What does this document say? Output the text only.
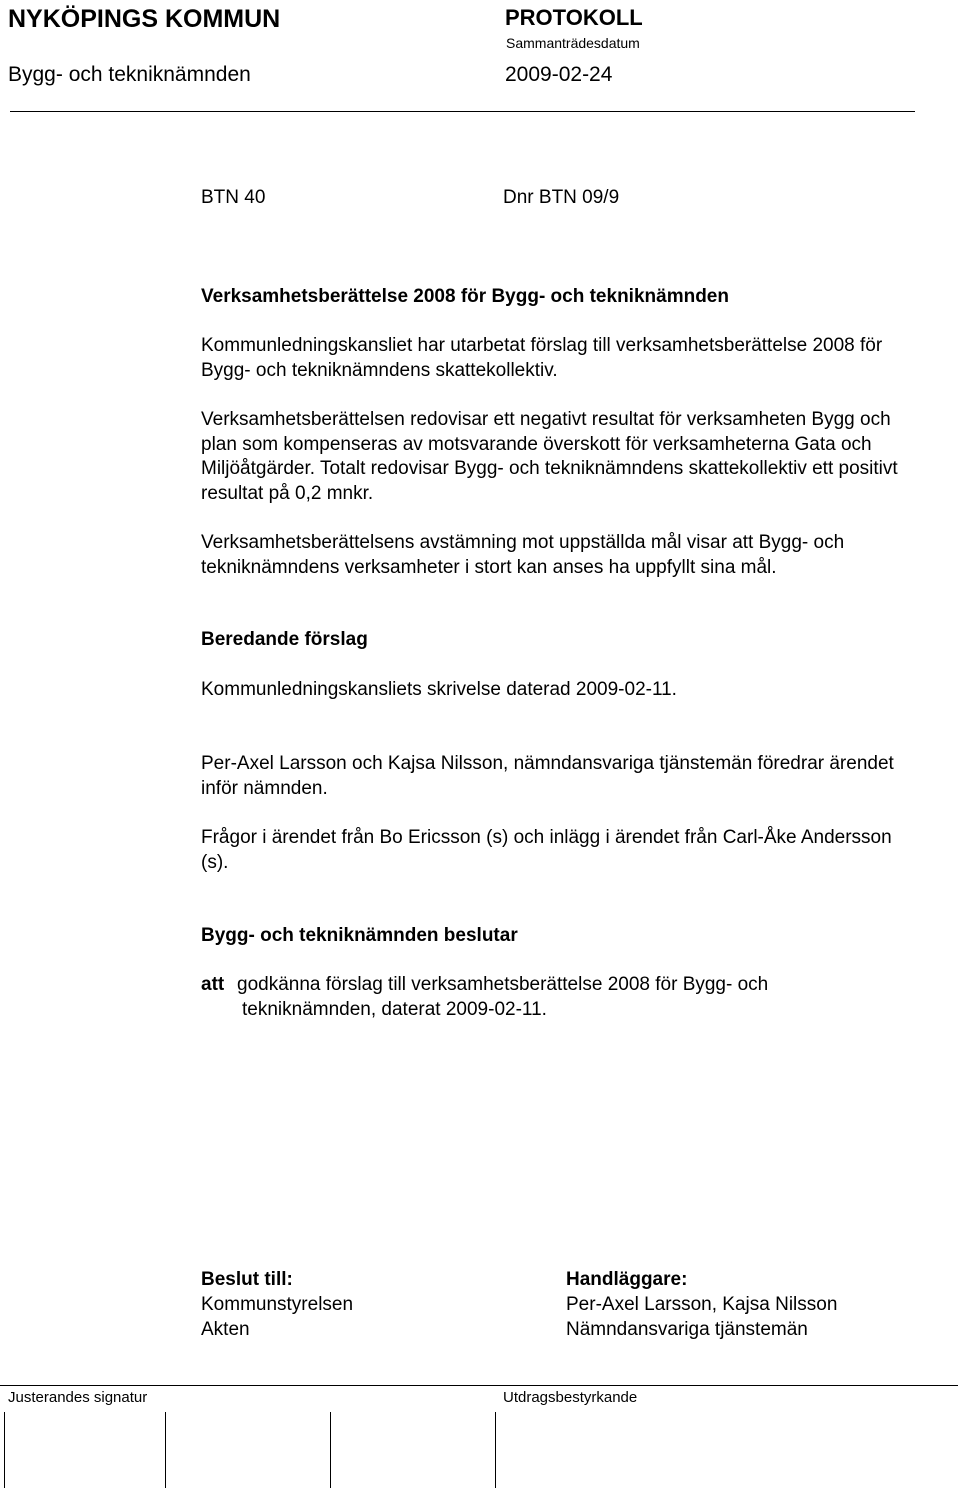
NYKÖPINGS KOMMUN	PROTOKOLL
Sammanträdesdatum
Bygg- och tekniknämnden	2009-02-24
BTN 40	Dnr BTN 09/9
Verksamhetsberättelse 2008 för Bygg- och tekniknämnden
Kommunledningskansliet har utarbetat förslag till verksamhetsberättelse 2008 för Bygg- och tekniknämndens skattekollektiv.
Verksamhetsberättelsen redovisar ett negativt resultat för verksamheten Bygg och plan som kompenseras av motsvarande överskott för verksamheterna Gata och Miljöåtgärder. Totalt redovisar Bygg- och tekniknämndens skattekollektiv ett positivt resultat på 0,2 mnkr.
Verksamhetsberättelsens avstämning mot uppställda mål visar att Bygg- och tekniknämndens verksamheter i stort kan anses ha uppfyllt sina mål.
Beredande förslag
Kommunledningskansliets skrivelse daterad 2009-02-11.
Per-Axel Larsson och Kajsa Nilsson, nämndansvariga tjänstemän föredrar ärendet inför nämnden.
Frågor i ärendet från Bo Ericsson (s) och inlägg i ärendet från Carl-Åke Andersson (s).
Bygg- och tekniknämnden beslutar
att godkänna förslag till verksamhetsberättelse 2008 för Bygg- och
tekniknämnden, daterat 2009-02-11.
Beslut till:
Kommunstyrelsen
Akten
Handläggare:
Per-Axel Larsson, Kajsa Nilsson
Nämndansvariga tjänstemän
Justerandes signatur	Utdragsbestyrkande
